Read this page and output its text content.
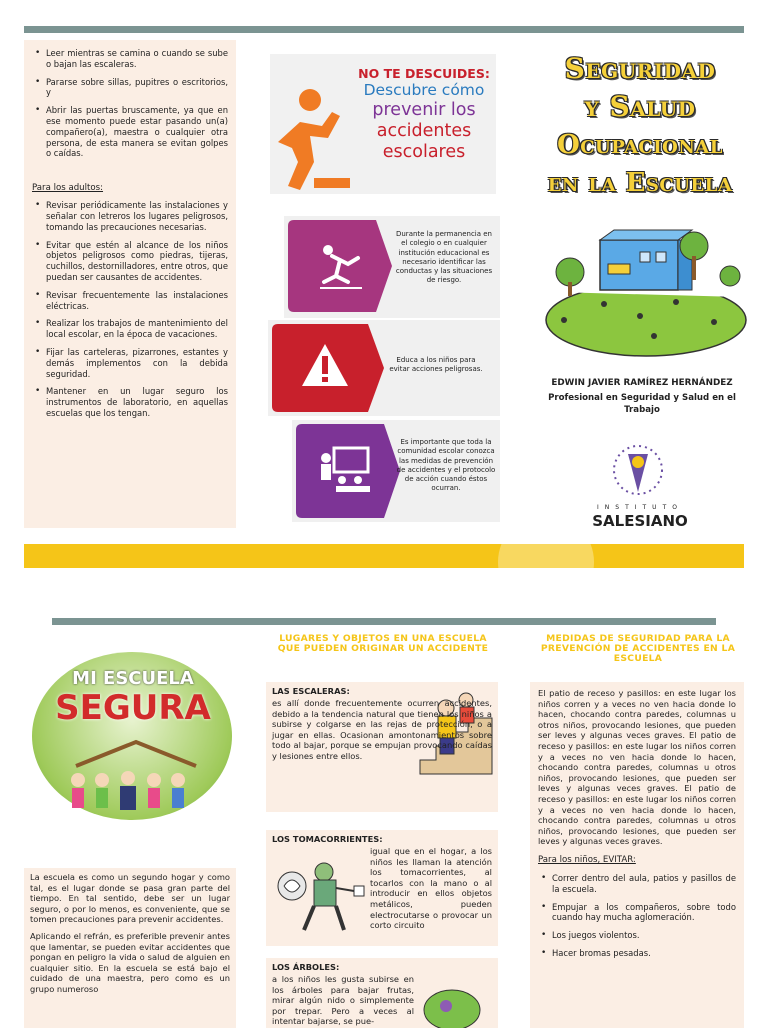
• Leer mientras se camina o cuando se sube o bajan las escaleras.
• Pararse sobre sillas, pupitres o escritorios, y
• Abrir las puertas bruscamente, ya que en ese momento puede estar pasando un(a) compañero(a), maestra o cualquier otra persona, de esta manera se evitan golpes o caídas.
Para los adultos:
• Revisar periódicamente las instalaciones y señalar con letreros los lugares peligrosos, tomando las precauciones necesarias.
• Evitar que estén al alcance de los niños objetos peligrosos como piedras, tijeras, cuchillos, destornilladores, entre otros, que puedan ser causantes de accidentes.
• Revisar frecuentemente las instalaciones eléctricas.
• Realizar los trabajos de mantenimiento del local escolar, en la época de vacaciones.
• Fijar las carteleras, pizarrones, estantes y demás implementos con la debida seguridad.
• Mantener en un lugar seguro los instrumentos de laboratorio, en aquellas escuelas que los tengan.
NO TE DESCUIDES:
Descubre cómo
prevenir los
accidentes
escolares
Durante la permanencia en el colegio o en cualquier institución educacional es necesario identificar las conductas y las situaciones de riesgo.
Educa a los niños para evitar acciones peligrosas.
Es importante que toda la comunidad escolar conozca las medidas de prevención de accidentes y el protocolo de acción cuando éstos ocurran.
Seguridad
y Salud
Ocupacional
en la Escuela
EDWIN JAVIER RAMÍREZ HERNÁNDEZ
Profesional en Seguridad y Salud en el Trabajo
INSTITUTO
SALESIANO
MI ESCUELA
SEGURA

La escuela es como un segundo hogar y como tal, es el lugar donde se pasa gran parte del tiempo. En tal sentido, debe ser un lugar seguro, o por lo menos, es conveniente, que se tomen precauciones para prevenir accidentes.

Aplicando el refrán, es preferible prevenir antes que lamentar, se pueden evitar accidentes que pongan en peligro la vida o salud de alguien en cualquier sitio. En la escuela se está bajo el cuidado de una maestra, pero como es un grupo numeroso

LUGARES Y OBJETOS EN UNA ESCUELA QUE PUEDEN ORIGINAR UN ACCIDENTE
LAS ESCALERAS:
es allí donde frecuentemente ocurren accidentes, debido a la tendencia natural que tienen los niños a subirse y colgarse en las rejas de protección, o a jugar en ellas. Ocasionan amontonamientos sobre todo al bajar, porque se empujan provocando caídas y lesiones entre ellos.
LOS TOMACORRIENTES:
igual que en el hogar, a los niños les llaman la atención los tomacorrientes, al tocarlos con la mano o al introducir en ellos objetos metálicos, pueden electrocutarse o provocar un corto circuito
LOS ÁRBOLES:
a los niños les gusta subirse en los árboles para bajar frutas, mirar algún nido o simplemente por trepar. Pero a veces al intentar bajarse, se pue-
MEDIDAS DE SEGURIDAD PARA LA PREVENCIÓN DE ACCIDENTES EN LA ESCUELA

El patio de receso y pasillos: en este lugar los niños corren y a veces no ven hacia donde lo hacen, chocando contra paredes, columnas u otros niños, provocando lesiones, que pueden ser leves y algunas veces graves. El patio de receso y pasillos: en este lugar los niños corren y a veces no ven hacia donde lo hacen, chocando contra paredes, columnas u otros niños, provocando lesiones, que pueden ser leves y algunas veces graves. El patio de receso y pasillos: en este lugar los niños corren y a veces no ven hacia donde lo hacen, chocando contra paredes, columnas u otros niños, provocando lesiones, que pueden ser leves y algunas veces graves.

Para los niños, EVITAR:
• Correr dentro del aula, patios y pasillos de la escuela.
• Empujar a los compañeros, sobre todo cuando hay mucha aglomeración.
• Los juegos violentos.
• Hacer bromas pesadas.
